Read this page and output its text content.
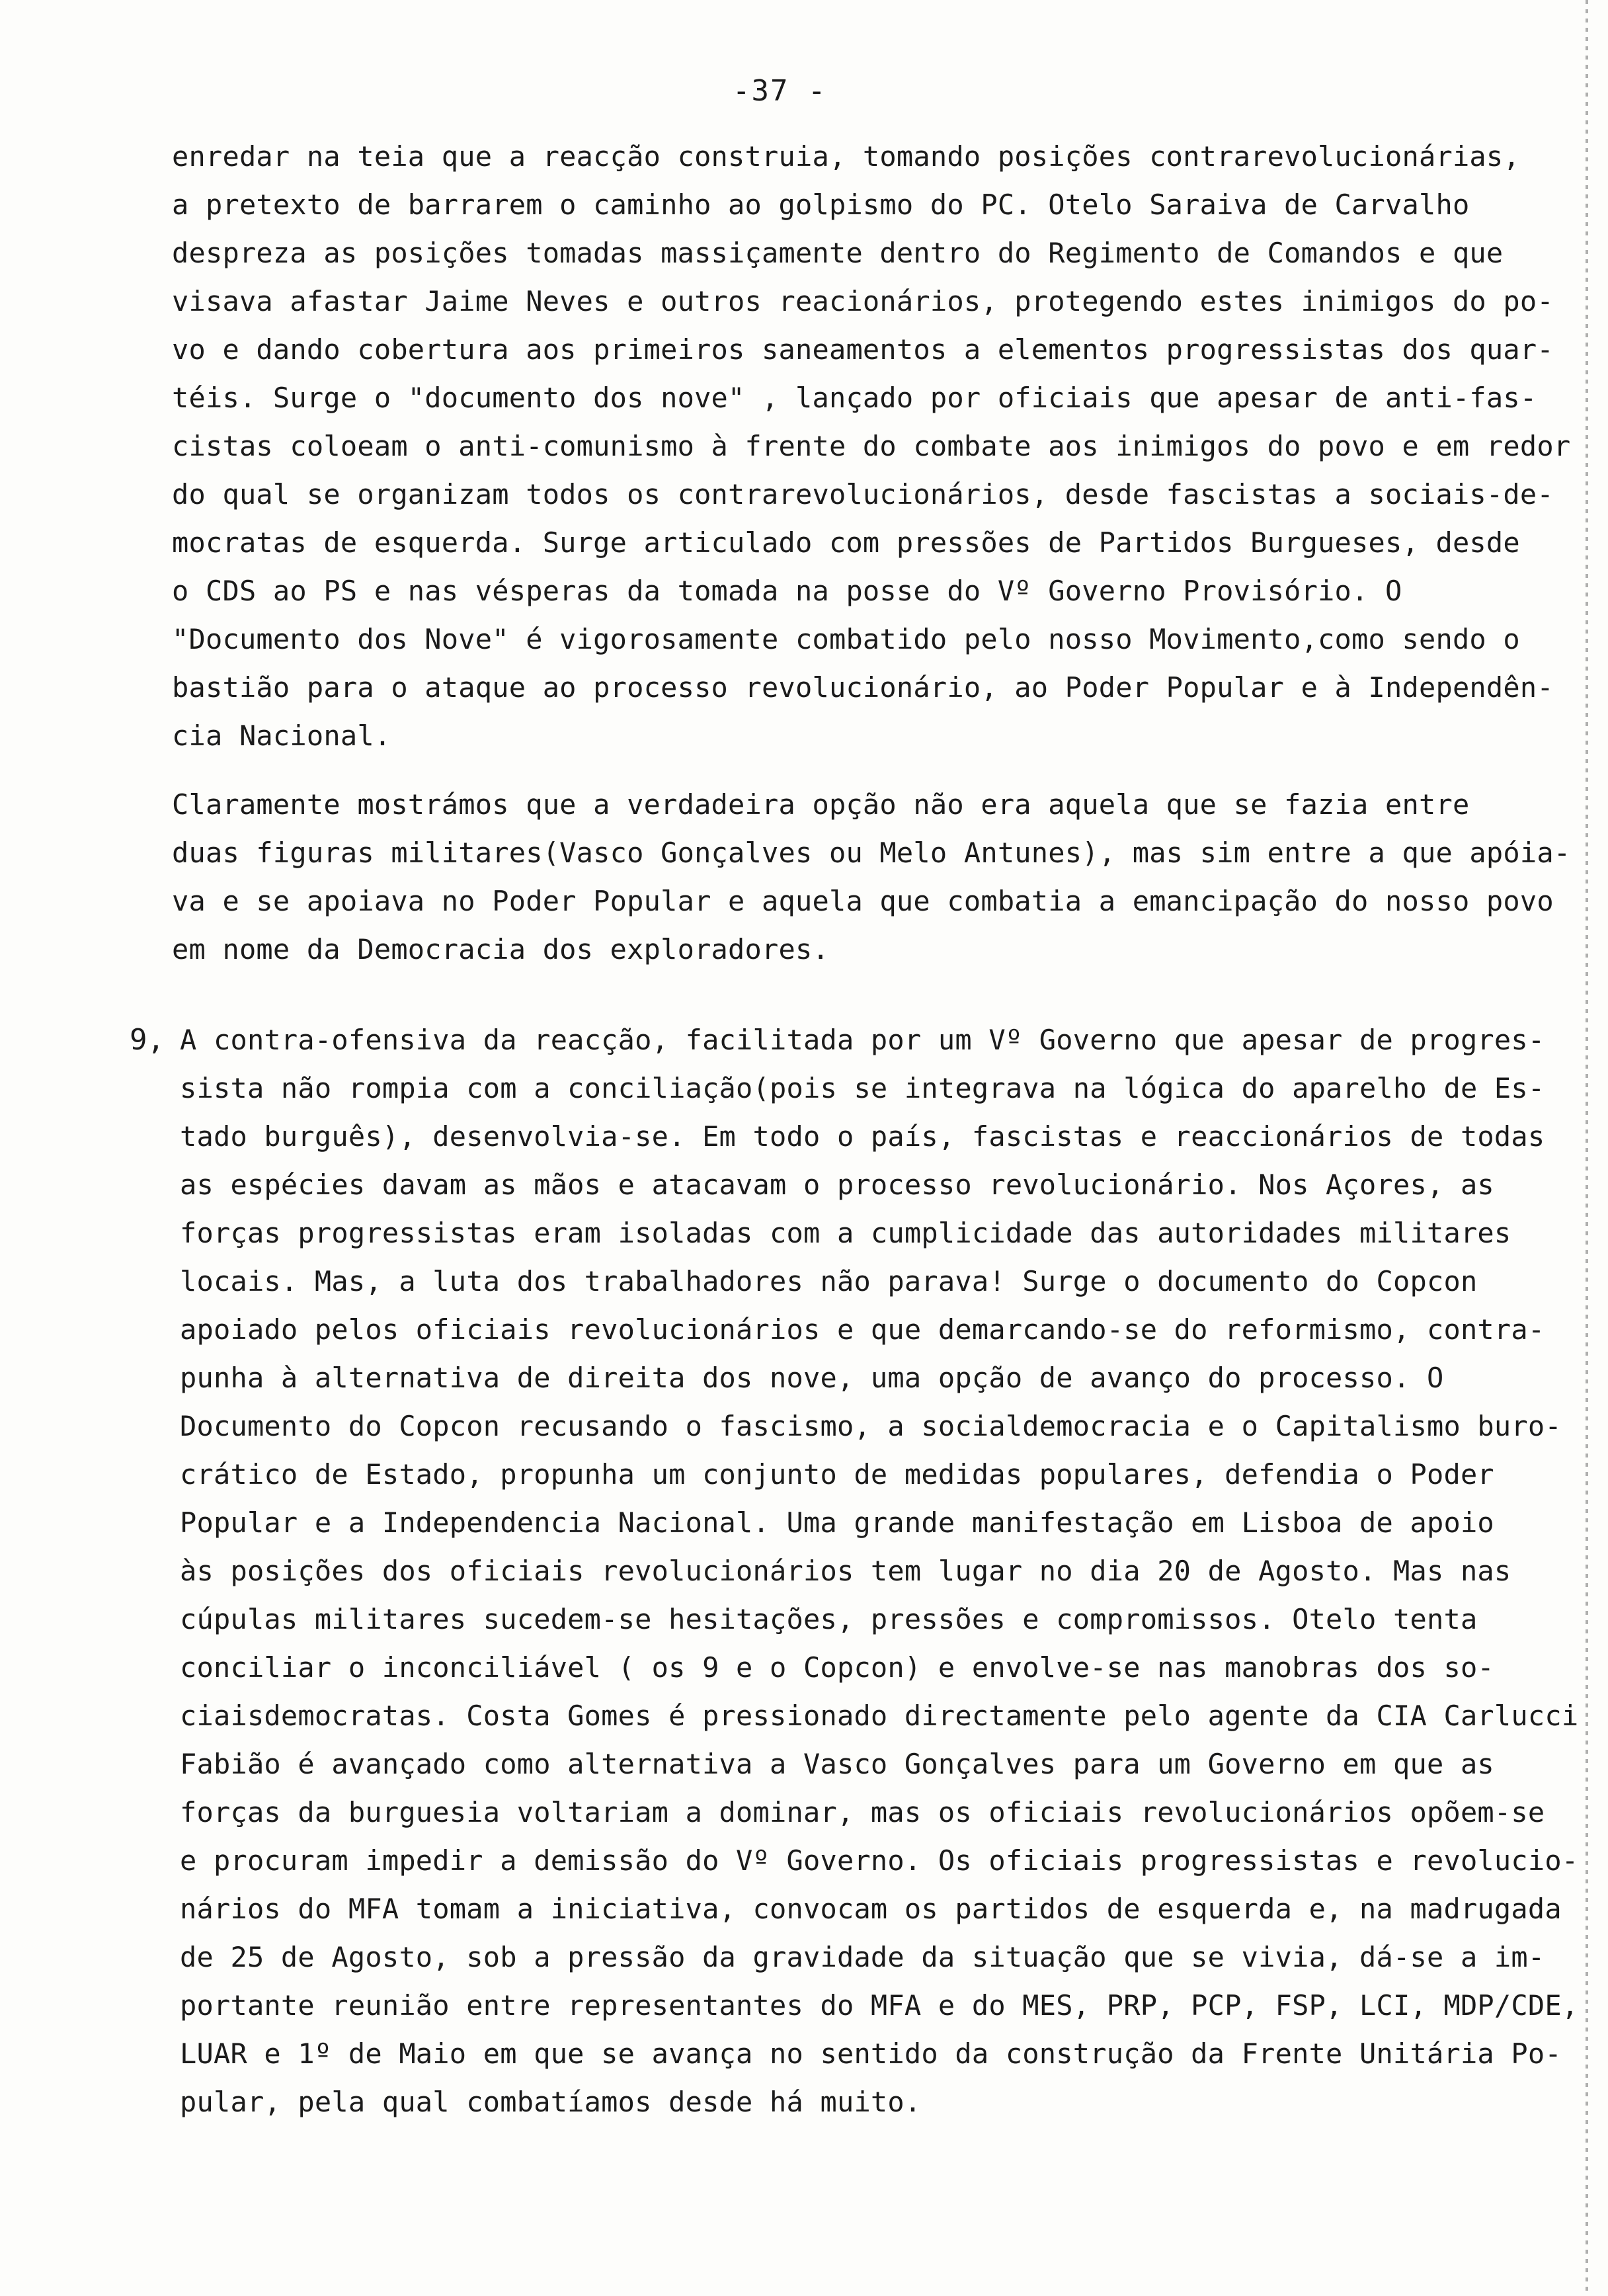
-37 -
enredar na teia que a reacção construia, tomando posições contrarevolucionárias,
a pretexto de barrarem o caminho ao golpismo do PC. Otelo Saraiva de Carvalho
despreza as posições tomadas massiçamente dentro do Regimento de Comandos e que
visava afastar Jaime Neves e outros reacionários, protegendo estes inimigos do po-
vo e dando cobertura aos primeiros saneamentos a elementos progressistas dos quar-
téis. Surge o "documento dos nove" , lançado por oficiais que apesar de anti-fas-
cistas coloeam o anti-comunismo à frente do combate aos inimigos do povo e em redor
do qual se organizam todos os contrarevolucionários, desde fascistas a sociais-de-
mocratas de esquerda. Surge articulado com pressões de Partidos Burgueses, desde
o CDS ao PS e nas vésperas da tomada na posse do Vº Governo Provisório. O
"Documento dos Nove" é vigorosamente combatido pelo nosso Movimento,como sendo o
bastião para o ataque ao processo revolucionário, ao Poder Popular e à Independên-
cia Nacional.
Claramente mostrámos que a verdadeira opção não era aquela que se fazia entre
duas figuras militares(Vasco Gonçalves ou Melo Antunes), mas sim entre a que apóia-
va e se apoiava no Poder Popular e aquela que combatia a emancipação do nosso povo
em nome da Democracia dos exploradores.
9, A contra-ofensiva da reacção, facilitada por um Vº Governo que apesar de progres-
sista não rompia com a conciliação(pois se integrava na lógica do aparelho de Es-
tado burguês), desenvolvia-se. Em todo o país, fascistas e reaccionários de todas
as espécies davam as mãos e atacavam o processo revolucionário. Nos Açores, as
forças progressistas eram isoladas com a cumplicidade das autoridades militares
locais. Mas, a luta dos trabalhadores não parava! Surge o documento do Copcon
apoiado pelos oficiais revolucionários e que demarcando-se do reformismo, contra-
punha à alternativa de direita dos nove, uma opção de avanço do processo. O
Documento do Copcon recusando o fascismo, a socialdemocracia e o Capitalismo buro-
crático de Estado, propunha um conjunto de medidas populares, defendia o Poder
Popular e a Independencia Nacional. Uma grande manifestação em Lisboa de apoio
às posições dos oficiais revolucionários tem lugar no dia 20 de Agosto. Mas nas
cúpulas militares sucedem-se hesitações, pressões e compromissos. Otelo tenta
conciliar o inconciliável ( os 9 e o Copcon) e envolve-se nas manobras dos so-
ciaisdemocratas. Costa Gomes é pressionado directamente pelo agente da CIA Carlucci
Fabião é avançado como alternativa a Vasco Gonçalves para um Governo em que as
forças da burguesia voltariam a dominar, mas os oficiais revolucionários opõem-se
e procuram impedir a demissão do Vº Governo. Os oficiais progressistas e revolucio-
nários do MFA tomam a iniciativa, convocam os partidos de esquerda e, na madrugada
de 25 de Agosto, sob a pressão da gravidade da situação que se vivia, dá-se a im-
portante reunião entre representantes do MFA e do MES, PRP, PCP, FSP, LCI, MDP/CDE,
LUAR e 1º de Maio em que se avança no sentido da construção da Frente Unitária Po-
pular, pela qual combatíamos desde há muito.
